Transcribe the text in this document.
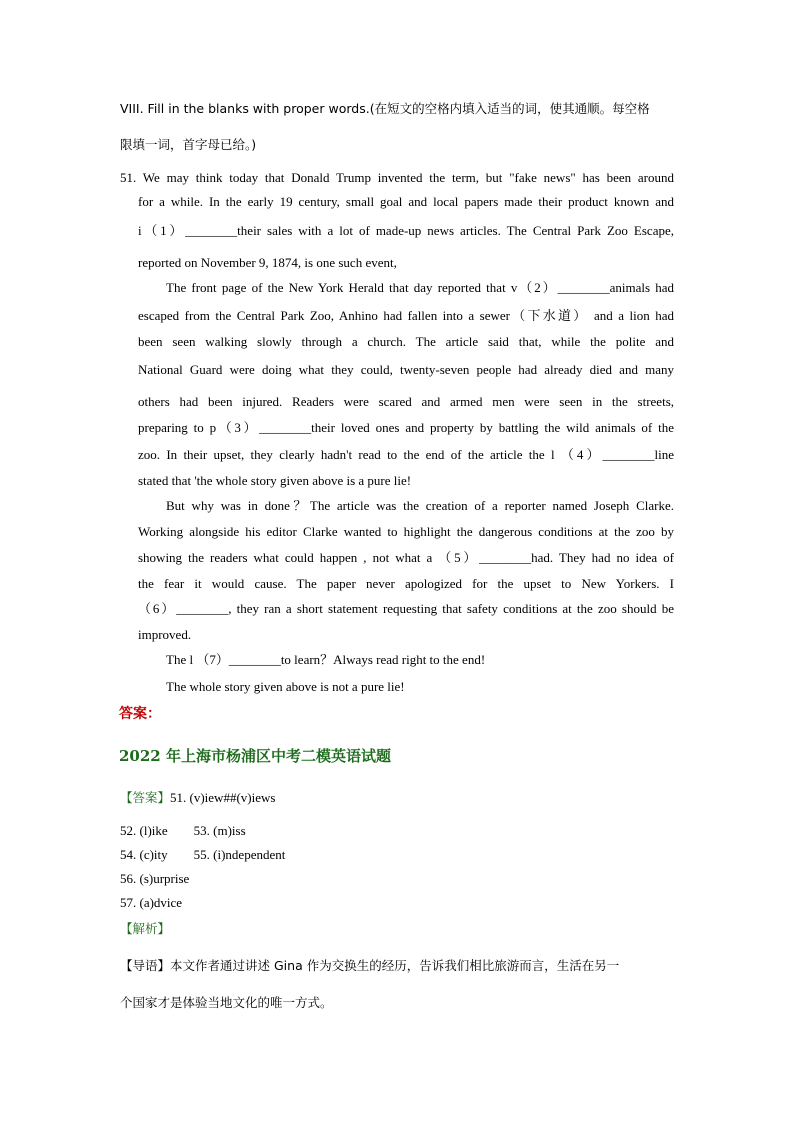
VIII. Fill in the blanks with proper words.(在短文的空格内填入适当的词，使其通顺。每空格
限填一词，首字母已给。)
51. We may think today that Donald Trump invented the term, but "fake news" has been around
for a while. In the early 19 century, small goal and local papers made their product known and
i（1）________their sales with a lot of made-up news articles. The Central Park Zoo Escape,
reported on November 9, 1874, is one such event,
The front page of the New York Herald that day reported that v（2）________animals had
escaped from the Central Park Zoo, Anhino had fallen into a sewer（下水道） and a lion had
been seen walking slowly through a church. The article said that, while the polite and
National Guard were doing what they could, twenty-seven people had already died and many
others had been injured. Readers were scared and armed men were seen in the streets,
preparing to p（3）________their loved ones and property by battling the wild animals of the
zoo. In their upset, they clearly hadn't read to the end of the article the l （4）________line
stated that 'the whole story given above is a pure lie!
But why was in done？The article was the creation of a reporter named Joseph Clarke.
Working alongside his editor Clarke wanted to highlight the dangerous conditions at the zoo by
showing the readers what could happen , not what a （5）________had. They had no idea of
the fear it would cause. The paper never apologized for the upset to New Yorkers. I
（6）________, they ran a short statement requesting that safety conditions at the zoo should be
improved.
The l （7）________to learn？Always read right to the end!
The whole story given above is not a pure lie!
答案：
2022 年上海市杨浦区中考二模英语试题
【答案】51. (v)iew##(v)iews
52. (l)ike        53. (m)iss
54. (c)ity        55. (i)ndependent
56. (s)urprise
57. (a)dvice
【解析】
【导语】本文作者通过讲述 Gina 作为交换生的经历，告诉我们相比旅游而言，生活在另一
个国家才是体验当地文化的唯一方式。
